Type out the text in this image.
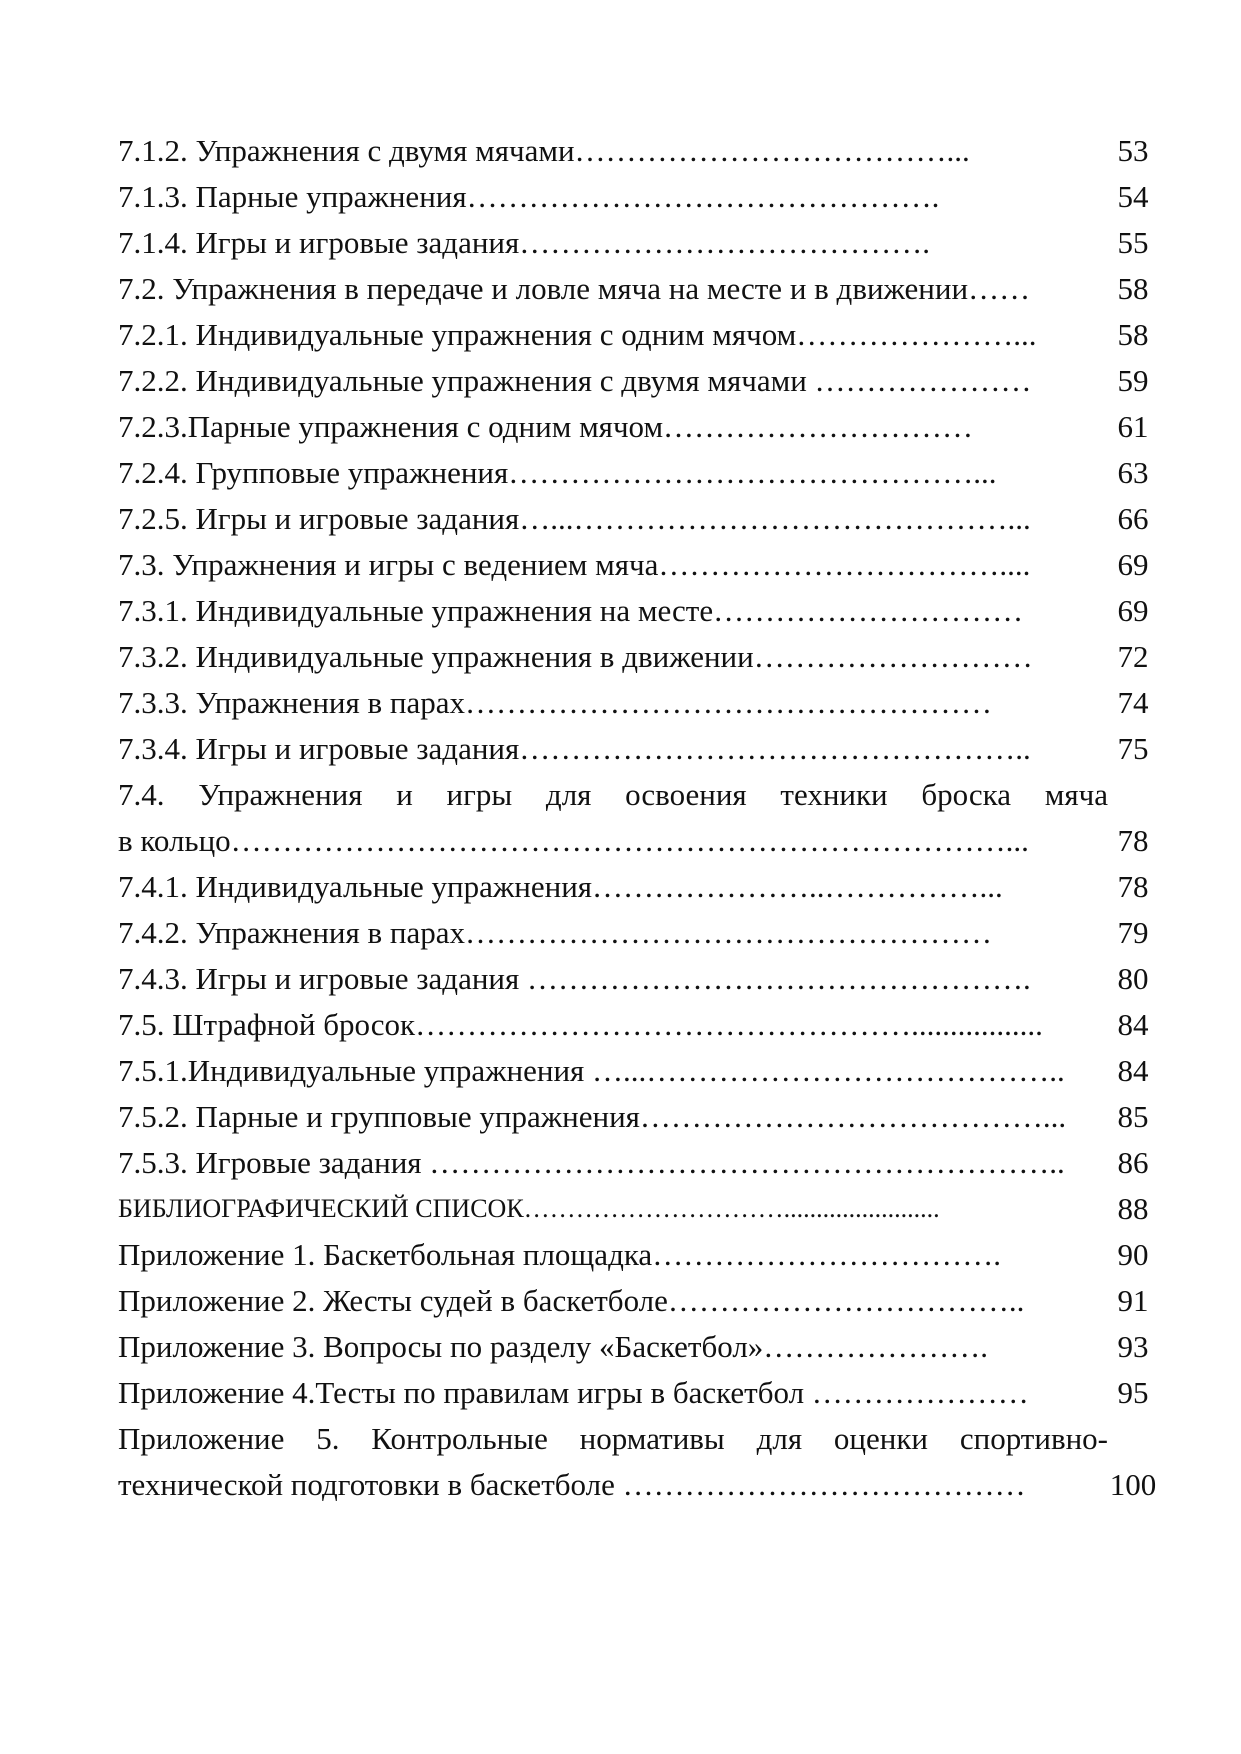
7.1.2. Упражнения с двумя мячами………………………………...	53
7.1.3. Парные упражнения……………………………………….	54
7.1.4. Игры и игровые задания………………………………….	55
7.2. Упражнения в передаче и ловле мяча на месте и в движении……	58
7.2.1. Индивидуальные упражнения с одним мячом…………………...	58
7.2.2. Индивидуальные упражнения с двумя мячами …………………	59
7.2.3.Парные упражнения с одним мячом…………………………	61
7.2.4. Групповые упражнения………………………………………...	63
7.2.5. Игры и игровые задания…...……………………………………...	66
7.3. Упражнения и игры с ведением мяча……………………………....	69
7.3.1. Индивидуальные упражнения на месте…………………………	69
7.3.2. Индивидуальные упражнения в движении………………………	72
7.3.3. Упражнения в парах……………………………………………	74
7.3.4. Игры и игровые задания…………………………………………..	75
7.4. Упражнения и игры для освоения техники броска мяча
в кольцо…………………………………………………………………...	78
7.4.1. Индивидуальные упражнения…………………..……………...	78
7.4.2. Упражнения в парах……………………………………………	79
7.4.3. Игры и игровые задания ………………………………………….	80
7.5. Штрафной бросок………………………………………….................	84
7.5.1.Индивидуальные упражнения …...…………………………………..	84
7.5.2. Парные и групповые упражнения…………………………………...	85
7.5.3. Игровые задания ……………………………………………………..	86
БИБЛИОГРАФИЧЕСКИЙ СПИСОК…………………………........................	88
Приложение 1. Баскетбольная площадка…………………………….	90
Приложение 2. Жесты судей в баскетболе……………………………..	91
Приложение 3. Вопросы по разделу «Баскетбол»………………….	93
Приложение 4.Тесты по правилам игры в баскетбол …………………	95
Приложение 5. Контрольные нормативы для оценки спортивно-
технической подготовки в баскетболе …………………………………	100
